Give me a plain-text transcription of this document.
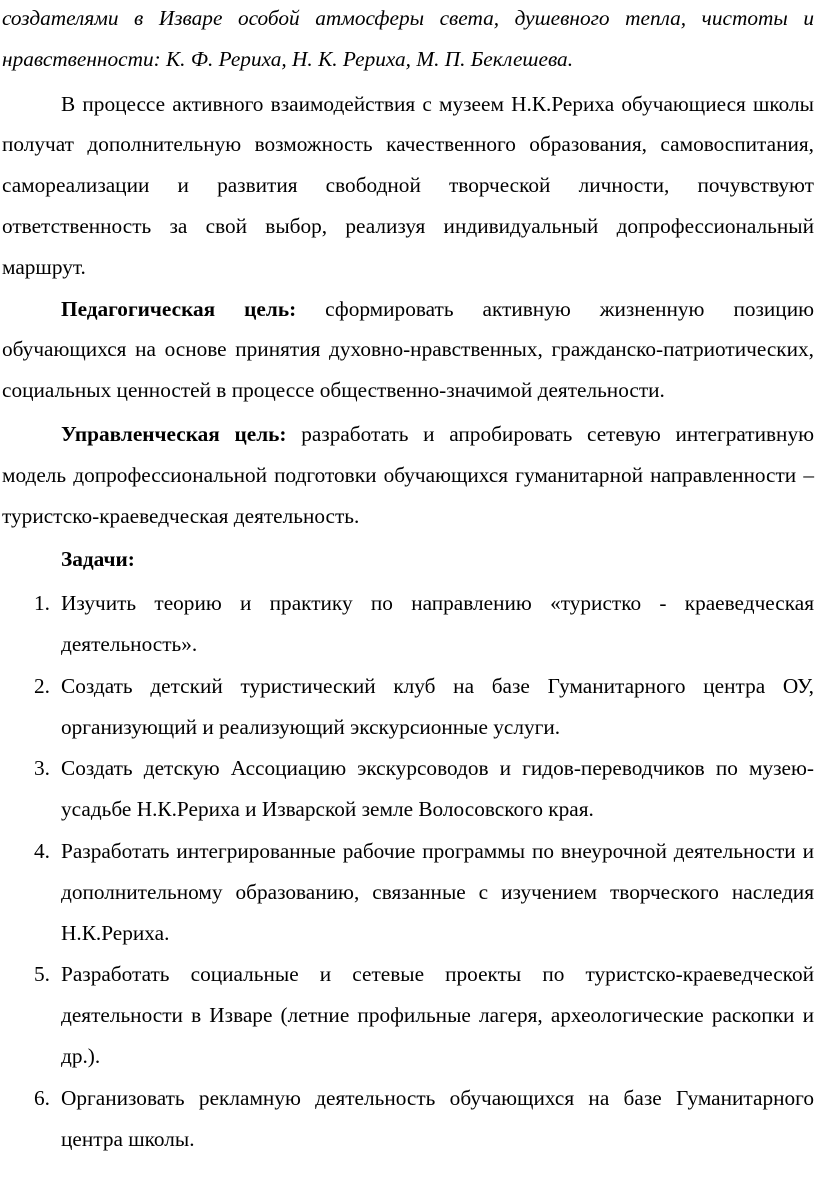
создателями в Изваре особой атмосферы света, душевного тепла, чистоты и нравственности: К. Ф. Рериха, Н. К. Рериха, М. П. Беклешева.

В процессе активного взаимодействия с музеем Н.К.Рериха обучающиеся школы получат дополнительную возможность качественного образования, самовоспитания, самореализации и развития свободной творческой личности, почувствуют ответственность за свой выбор, реализуя индивидуальный допрофессиональный маршрут.

Педагогическая цель: сформировать активную жизненную позицию обучающихся на основе принятия духовно-нравственных, гражданско-патриотических, социальных ценностей в процессе общественно-значимой деятельности.

Управленческая цель: разработать и апробировать сетевую интегративную модель допрофессиональной подготовки обучающихся гуманитарной направленности – туристско-краеведческая деятельность.

Задачи:
1. Изучить теорию и практику по направлению «туристко - краеведческая деятельность».
2. Создать детский туристический клуб на базе Гуманитарного центра ОУ, организующий и реализующий экскурсионные услуги.
3. Создать детскую Ассоциацию экскурсоводов и гидов-переводчиков по музею-усадьбе Н.К.Рериха и Изварской земле Волосовского края.
4. Разработать интегрированные рабочие программы по внеурочной деятельности и дополнительному образованию, связанные с изучением творческого наследия Н.К.Рериха.
5. Разработать социальные и сетевые проекты по туристско-краеведческой деятельности в Изваре (летние профильные лагеря, археологические раскопки и др.).
6. Организовать рекламную деятельность обучающихся на базе Гуманитарного центра школы.
